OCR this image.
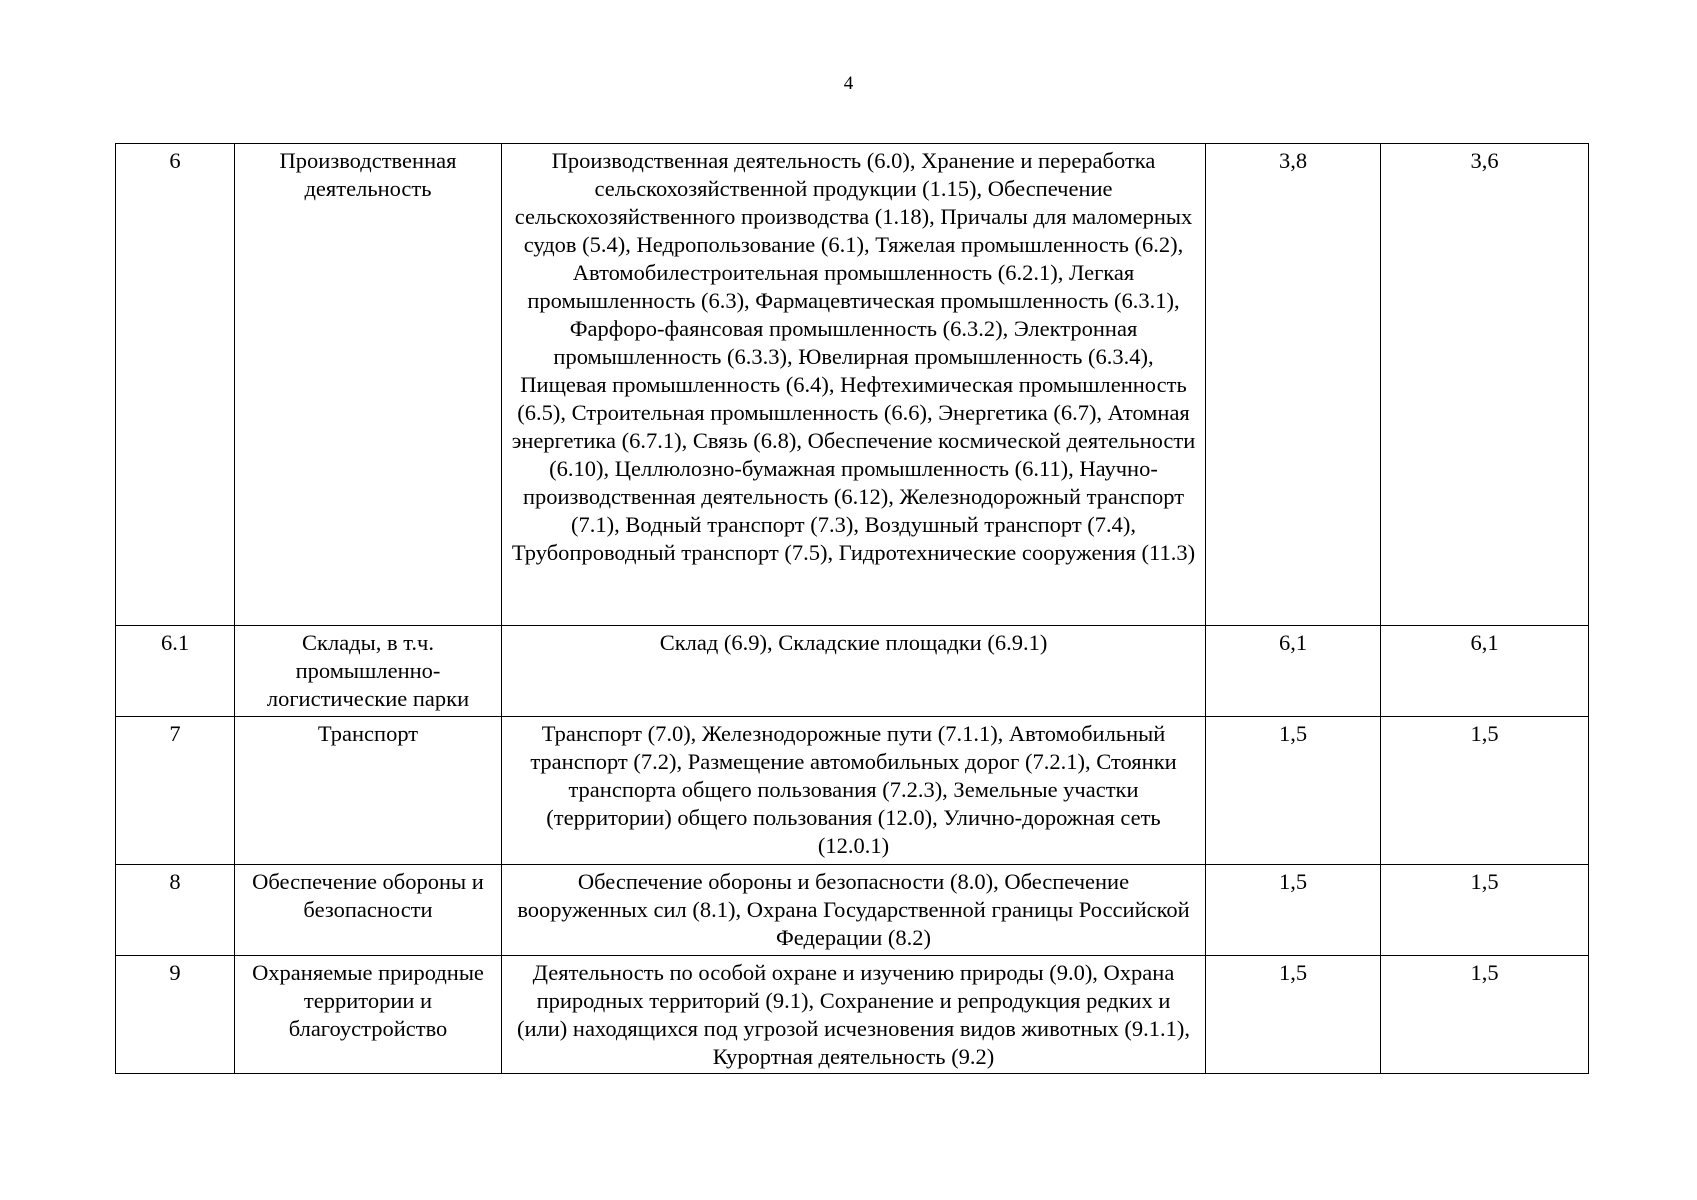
4
6	Производственная деятельность	Производственная деятельность (6.0), Хранение и переработка сельскохозяйственной продукции (1.15), Обеспечение сельскохозяйственного производства (1.18), Причалы для маломерных судов (5.4), Недропользование (6.1), Тяжелая промышленность (6.2), Автомобилестроительная промышленность (6.2.1), Легкая промышленность (6.3), Фармацевтическая промышленность (6.3.1), Фарфоро-фаянсовая промышленность (6.3.2), Электронная промышленность (6.3.3), Ювелирная промышленность (6.3.4), Пищевая промышленность (6.4), Нефтехимическая промышленность (6.5), Строительная промышленность (6.6), Энергетика (6.7), Атомная энергетика (6.7.1), Связь (6.8), Обеспечение космической деятельности (6.10), Целлюлозно-бумажная промышленность (6.11), Научно-производственная деятельность (6.12), Железнодорожный транспорт (7.1), Водный транспорт (7.3), Воздушный транспорт (7.4), Трубопроводный транспорт (7.5), Гидротехнические сооружения (11.3)	3,8	3,6
6.1	Склады, в т.ч. промышленно-логистические парки	Склад (6.9), Складские площадки (6.9.1)	6,1	6,1
7	Транспорт	Транспорт (7.0), Железнодорожные пути (7.1.1), Автомобильный транспорт (7.2), Размещение автомобильных дорог (7.2.1), Стоянки транспорта общего пользования (7.2.3), Земельные участки (территории) общего пользования (12.0), Улично-дорожная сеть (12.0.1)	1,5	1,5
8	Обеспечение обороны и безопасности	Обеспечение обороны и безопасности (8.0), Обеспечение вооруженных сил (8.1), Охрана Государственной границы Российской Федерации (8.2)	1,5	1,5
9	Охраняемые природные территории и благоустройство	Деятельность по особой охране и изучению природы (9.0), Охрана природных территорий (9.1), Сохранение и репродукция редких и (или) находящихся под угрозой исчезновения видов животных (9.1.1), Курортная деятельность (9.2)	1,5	1,5
